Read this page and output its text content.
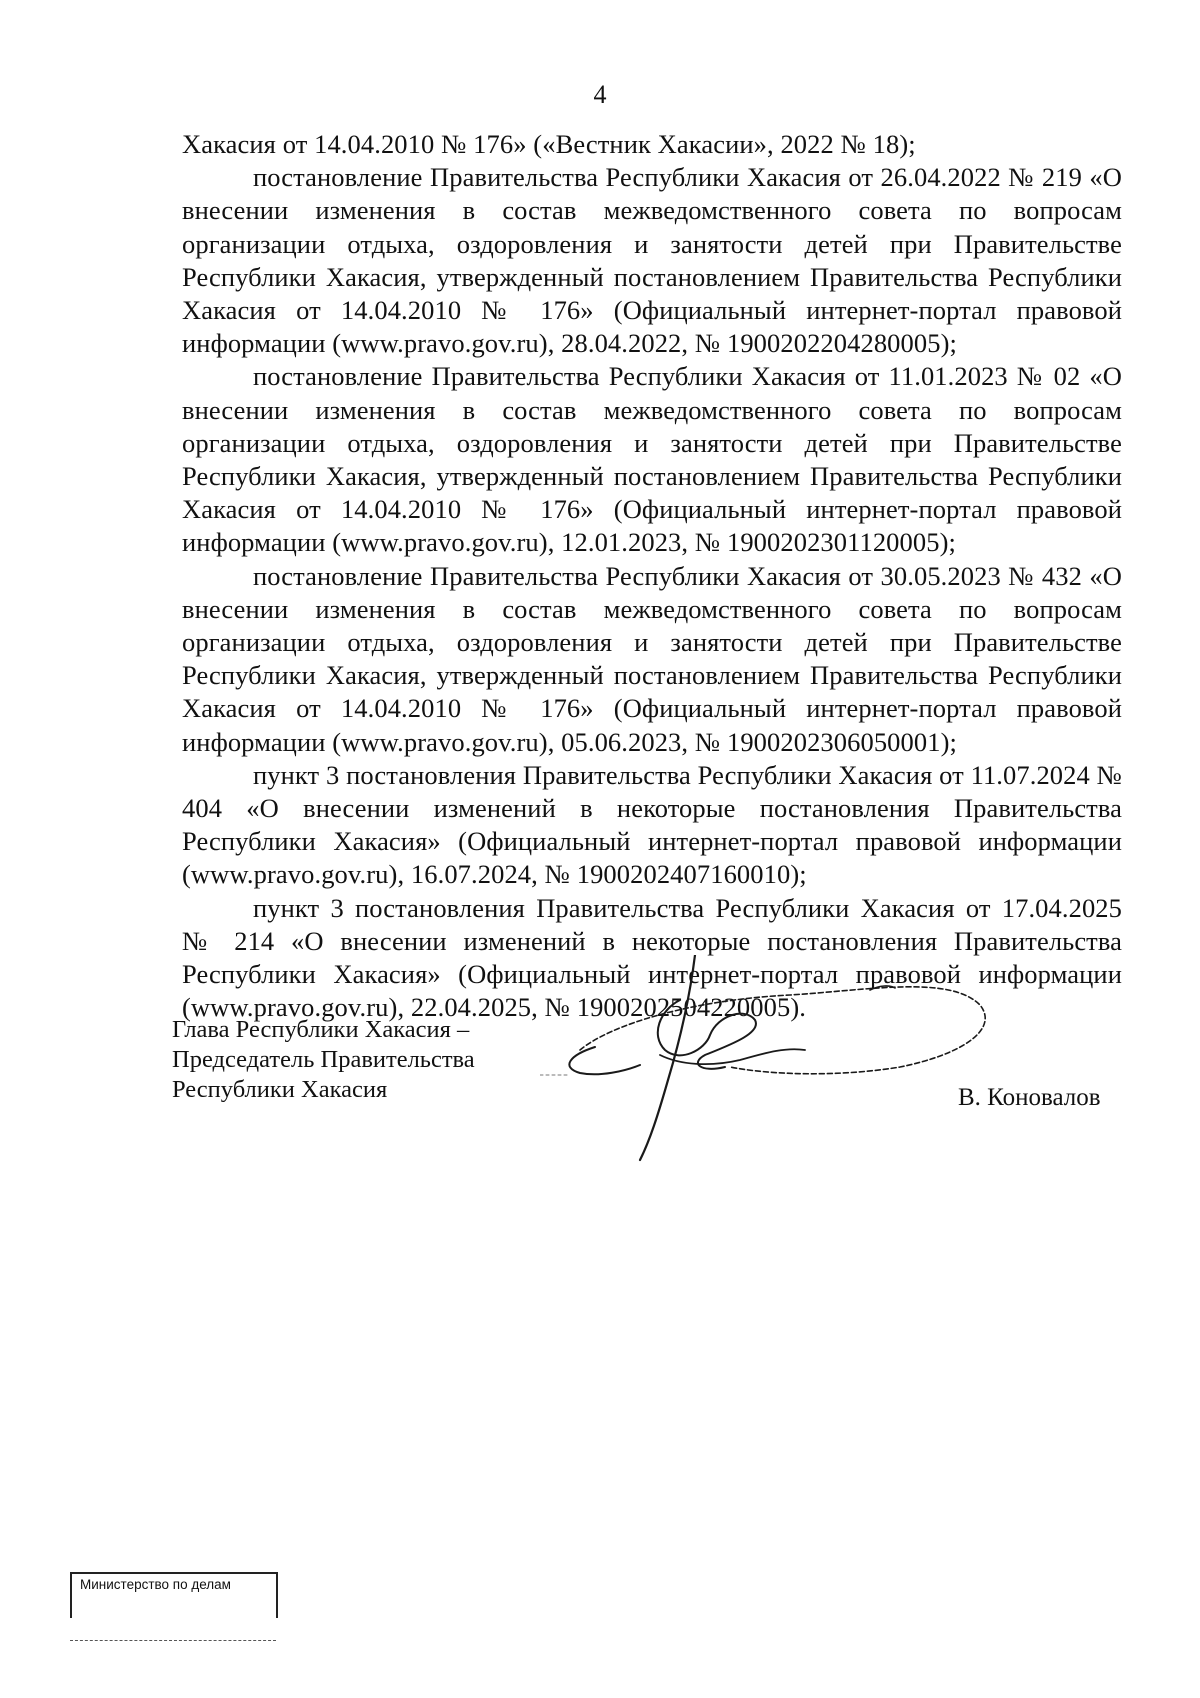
4

Хакасия от 14.04.2010 № 176» («Вестник Хакасии», 2022 № 18);

постановление Правительства Республики Хакасия от 26.04.2022 № 219 «О внесении изменения в состав межведомственного совета по вопросам организации отдыха, оздоровления и занятости детей при Правительстве Республики Хакасия, утвержденный постановлением Правительства Республики Хакасия от 14.04.2010 № 176» (Официальный интернет-портал правовой информации (www.pravo.gov.ru), 28.04.2022, № 1900202204280005);

постановление Правительства Республики Хакасия от 11.01.2023 № 02 «О внесении изменения в состав межведомственного совета по вопросам организации отдыха, оздоровления и занятости детей при Правительстве Республики Хакасия, утвержденный постановлением Правительства Республики Хакасия от 14.04.2010 № 176» (Официальный интернет-портал правовой информации (www.pravo.gov.ru), 12.01.2023, № 1900202301120005);

постановление Правительства Республики Хакасия от 30.05.2023 № 432 «О внесении изменения в состав межведомственного совета по вопросам организации отдыха, оздоровления и занятости детей при Правительстве Республики Хакасия, утвержденный постановлением Правительства Республики Хакасия от 14.04.2010 № 176» (Официальный интернет-портал правовой информации (www.pravo.gov.ru), 05.06.2023, № 1900202306050001);

пункт 3 постановления Правительства Республики Хакасия от 11.07.2024 № 404 «О внесении изменений в некоторые постановления Правительства Республики Хакасия» (Официальный интернет-портал правовой информации (www.pravo.gov.ru), 16.07.2024, № 1900202407160010);

пункт 3 постановления Правительства Республики Хакасия от 17.04.2025 № 214 «О внесении изменений в некоторые постановления Правительства Республики Хакасия» (Официальный интернет-портал правовой информации (www.pravo.gov.ru), 22.04.2025, № 1900202504220005).

Глава Республики Хакасия –
Председатель Правительства
Республики Хакасия	В. Коновалов
Министерство по делам
